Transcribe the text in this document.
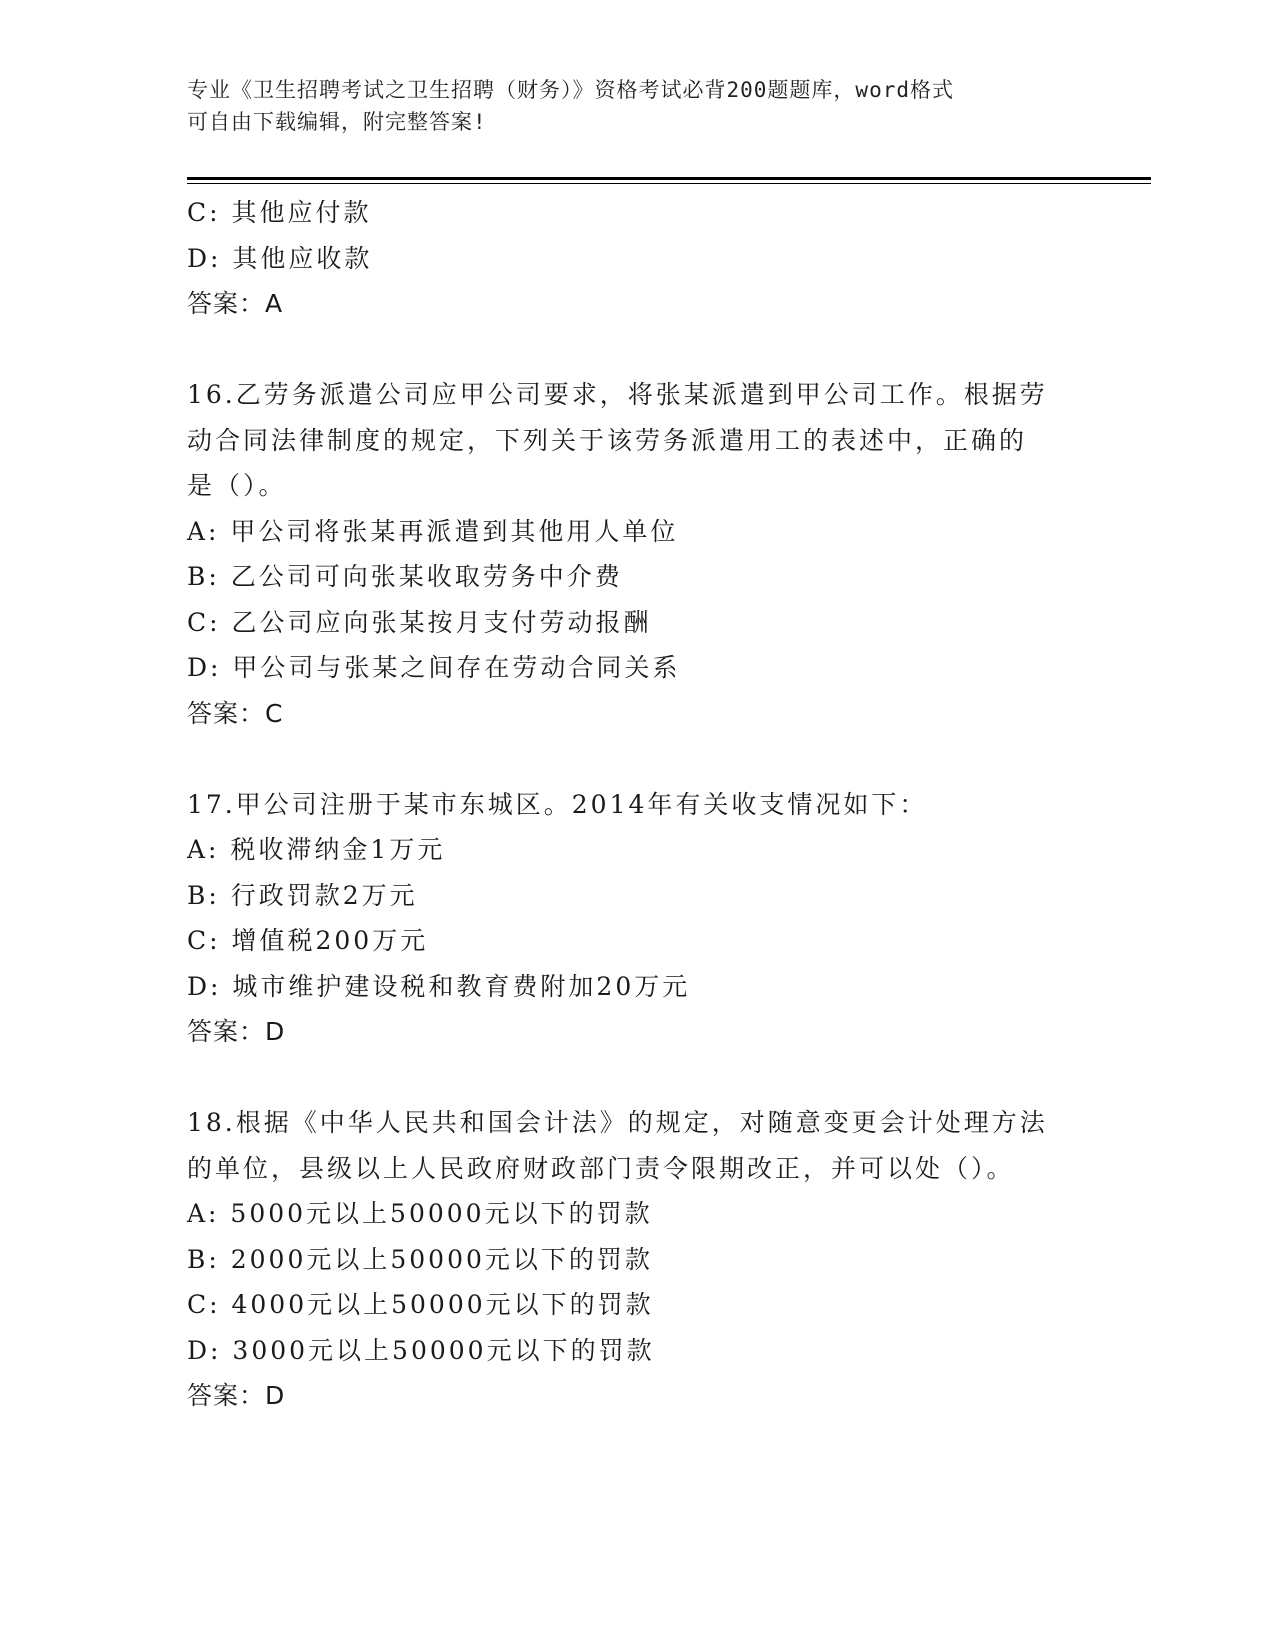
专业《卫生招聘考试之卫生招聘（财务）》资格考试必背200题题库，word格式
可自由下载编辑，附完整答案!
C: 其他应付款
D: 其他应收款
答案：A
16.乙劳务派遣公司应甲公司要求，将张某派遣到甲公司工作。根据劳
动合同法律制度的规定，下列关于该劳务派遣用工的表述中，正确的
是（）。
A: 甲公司将张某再派遣到其他用人单位
B: 乙公司可向张某收取劳务中介费
C: 乙公司应向张某按月支付劳动报酬
D: 甲公司与张某之间存在劳动合同关系
答案：C
17.甲公司注册于某市东城区。2014年有关收支情况如下：
A: 税收滞纳金1万元
B: 行政罚款2万元
C: 增值税200万元
D: 城市维护建设税和教育费附加20万元
答案：D
18.根据《中华人民共和国会计法》的规定，对随意变更会计处理方法
的单位，县级以上人民政府财政部门责令限期改正，并可以处（）。
A: 5000元以上50000元以下的罚款
B: 2000元以上50000元以下的罚款
C: 4000元以上50000元以下的罚款
D: 3000元以上50000元以下的罚款
答案：D
